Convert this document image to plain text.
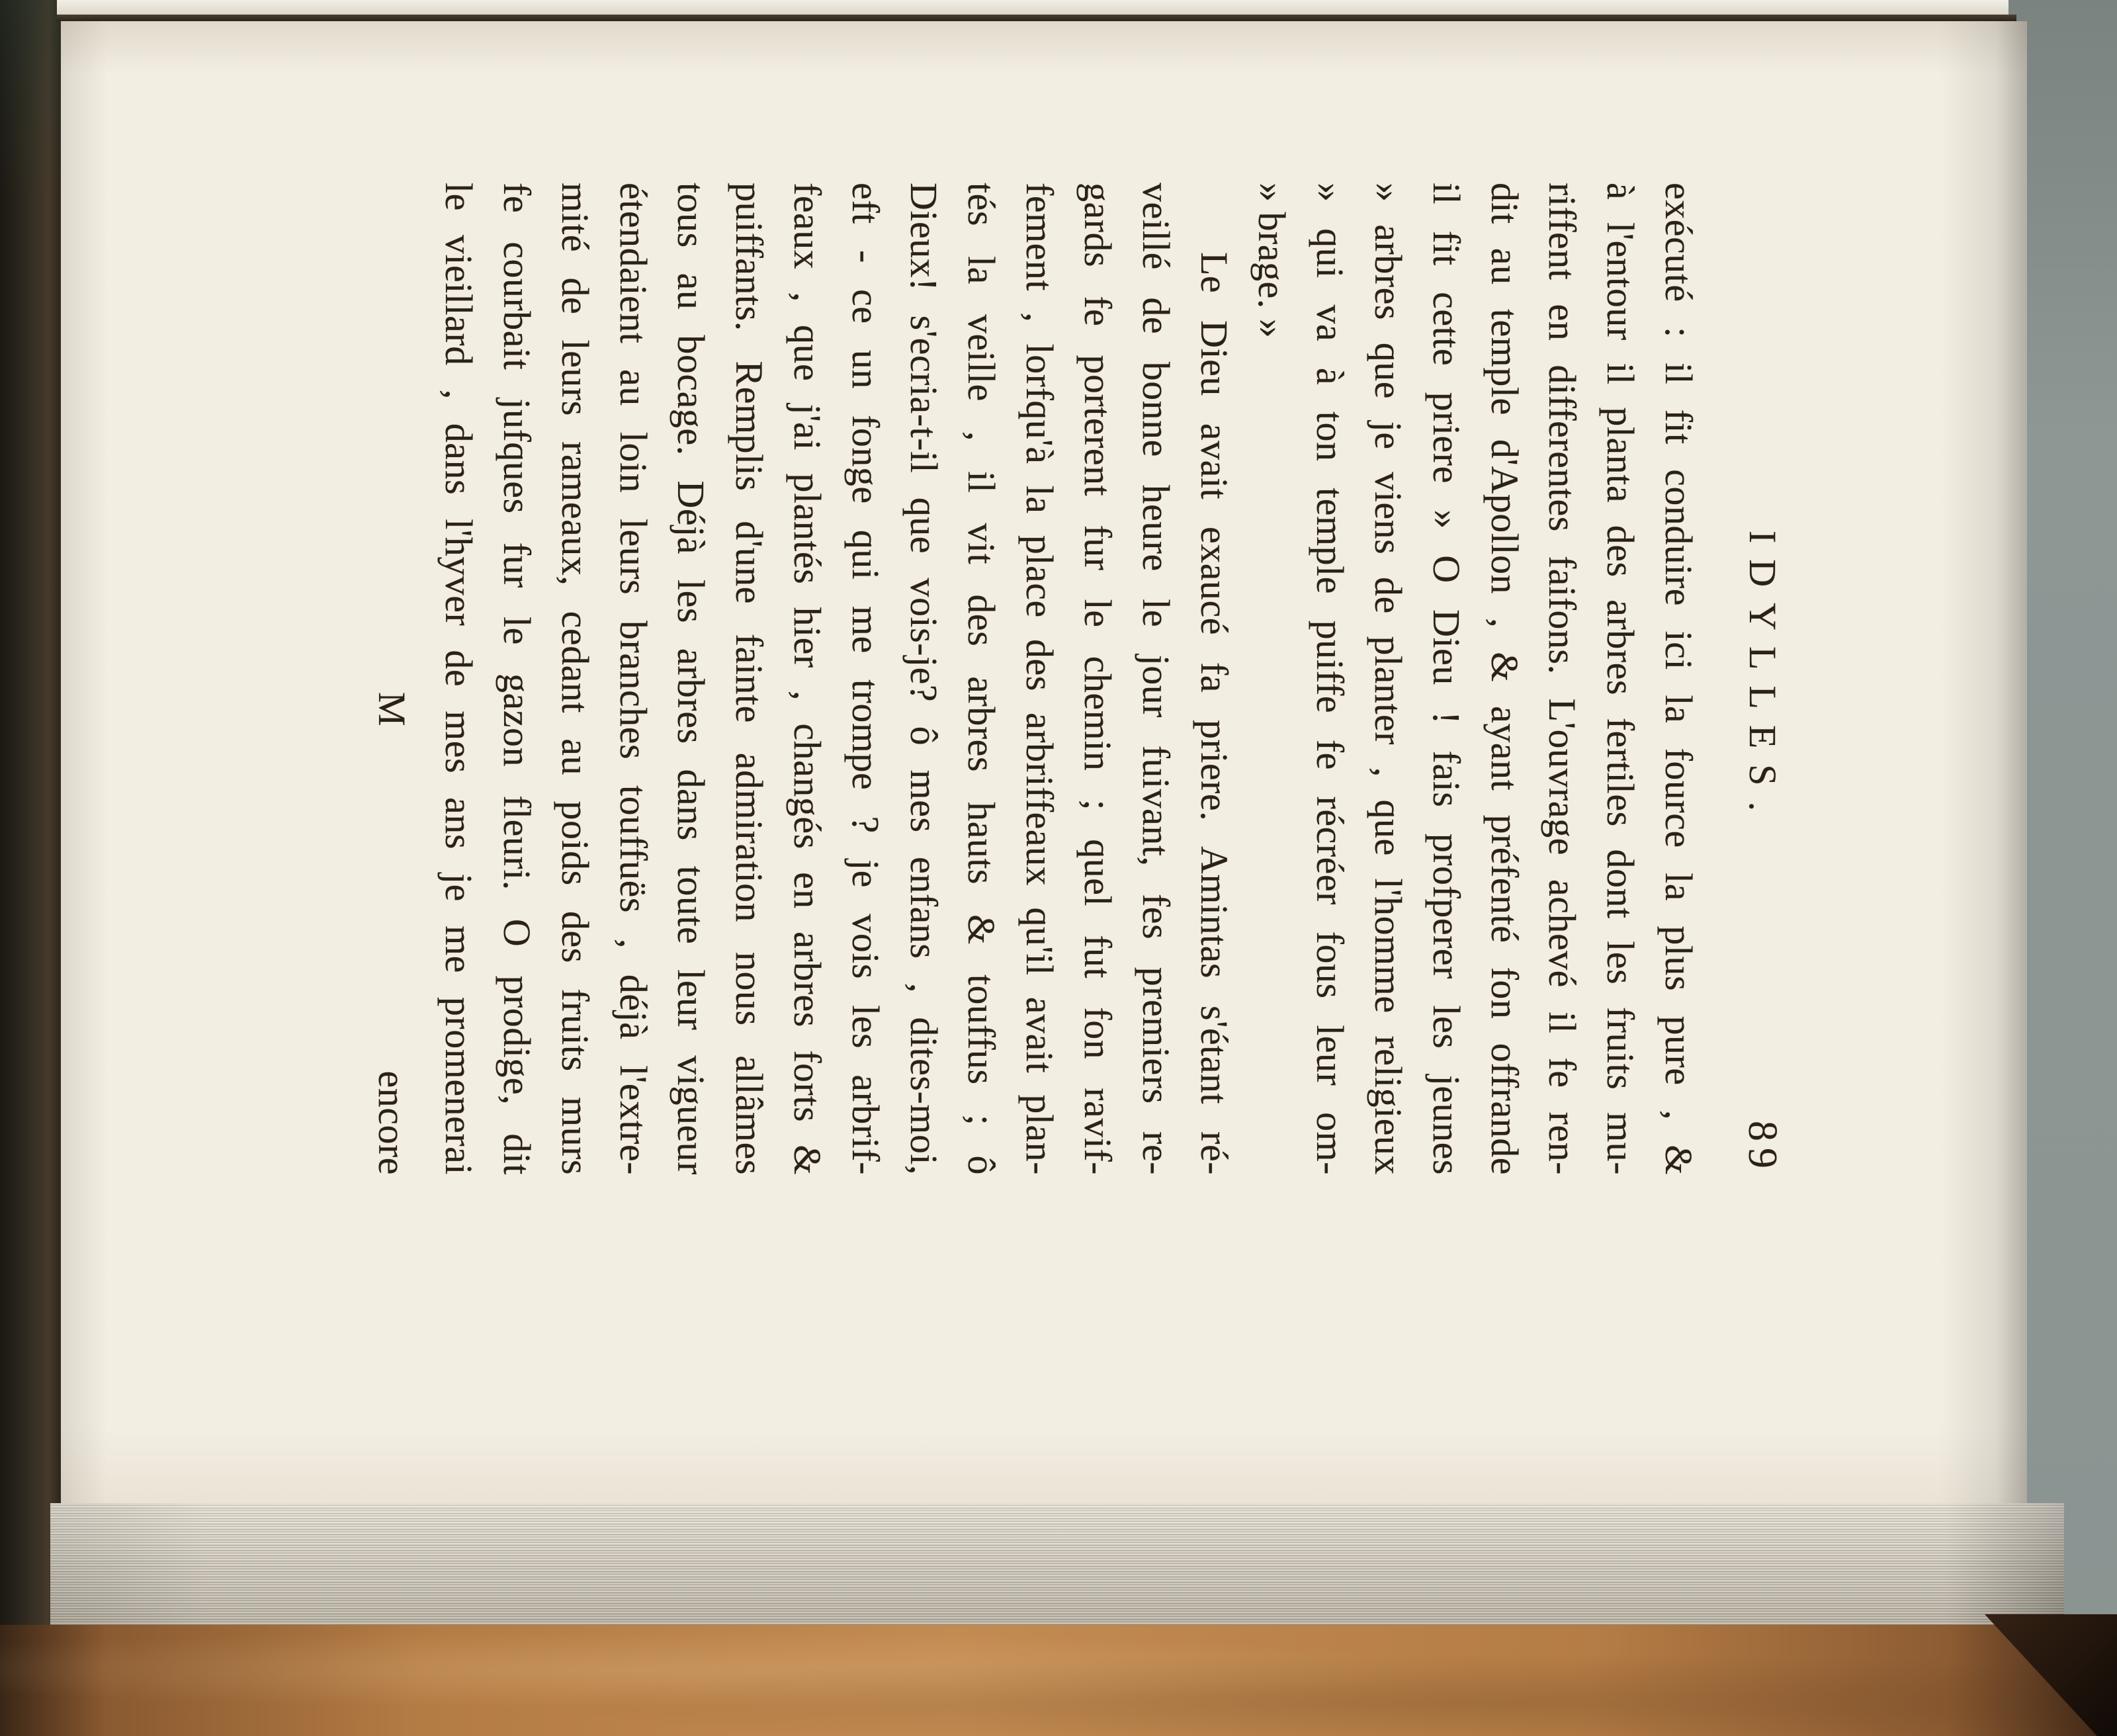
IDYLLES.
89
exécuté : il fit conduire ici la fource la plus pure , &
à l'entour il planta des arbres fertiles dont les fruits mu-
riffent en differentes faifons. L'ouvrage achevé il fe ren-
dit au temple d'Apollon , & ayant préfenté fon offrande
il fit cette priere » O Dieu ! fais profperer les jeunes
» arbres que je viens de planter , que l'homme religieux
» qui va à ton temple puiffe fe récréer fous leur om-
» brage. »
Le Dieu avait exaucé fa priere. Amintas s'étant ré-
veillé de bonne heure le jour fuivant, fes premiers re-
gards fe porterent fur le chemin ; quel fut fon ravif-
fement , lorfqu'à la place des arbriffeaux qu'il avait plan-
tés la veille , il vit des arbres hauts & touffus ; ô
Dieux! s'ecria-t-il que vois-je? ô mes enfans , dites-moi,
eft - ce un fonge qui me trompe ? je vois les arbrif-
feaux , que j'ai plantés hier , changés en arbres forts &
puiffants. Remplis d'une fainte admiration nous allâmes
tous au bocage. Déjà les arbres dans toute leur vigueur
étendaient au loin leurs branches touffuës , déjà l'extre-
mité de leurs rameaux, cedant au poids des fruits murs
fe courbait jufques fur le gazon fleuri. O prodige, dit
le vieillard , dans l'hyver de mes ans je me promenerai
M
encore
